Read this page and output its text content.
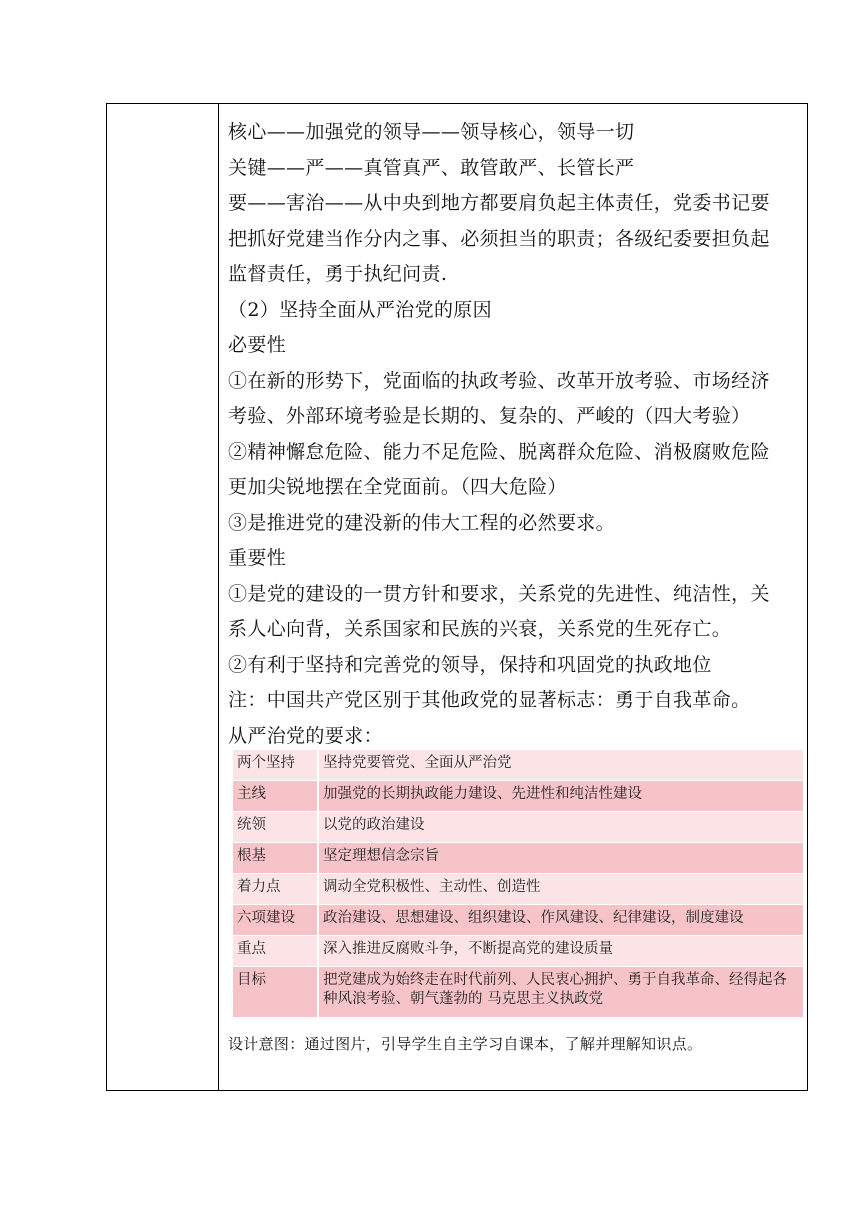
核心——加强党的领导——领导核心，领导一切
关键——严——真管真严、敢管敢严、长管长严
要——害治——从中央到地方都要肩负起主体责任，党委书记要
把抓好党建当作分内之事、必须担当的职责；各级纪委要担负起
监督责任，勇于执纪问责.
（2）坚持全面从严治党的原因
必要性
①在新的形势下，党面临的执政考验、改革开放考验、市场经济
考验、外部环境考验是长期的、复杂的、严峻的（四大考验）
②精神懈怠危险、能力不足危险、脱离群众危险、消极腐败危险
更加尖锐地摆在全党面前。（四大危险）
③是推进党的建没新的伟大工程的必然要求。
重要性
①是党的建设的一贯方针和要求，关系党的先进性、纯洁性，关
系人心向背，关系国家和民族的兴衰，关系党的生死存亡。
②有利于坚持和完善党的领导，保持和巩固党的执政地位
注：中国共产党区别于其他政党的显著标志：勇于自我革命。
从严治党的要求：
两个坚持	坚持党要管党、全面从严治党
主线	加强党的长期执政能力建设、先进性和纯洁性建设
统领	以党的政治建设
根基	坚定理想信念宗旨
着力点	调动全党积极性、主动性、创造性
六项建设	政治建设、思想建设、组织建设、作风建设、纪律建设，制度建设
重点	深入推进反腐败斗争，不断提高党的建设质量
目标	把党建成为始终走在时代前列、人民衷心拥护、勇于自我革命、经得起各种风浪考验、朝气蓬勃的 马克思主义执政党
设计意图：通过图片，引导学生自主学习自课本，了解并理解知识点。
